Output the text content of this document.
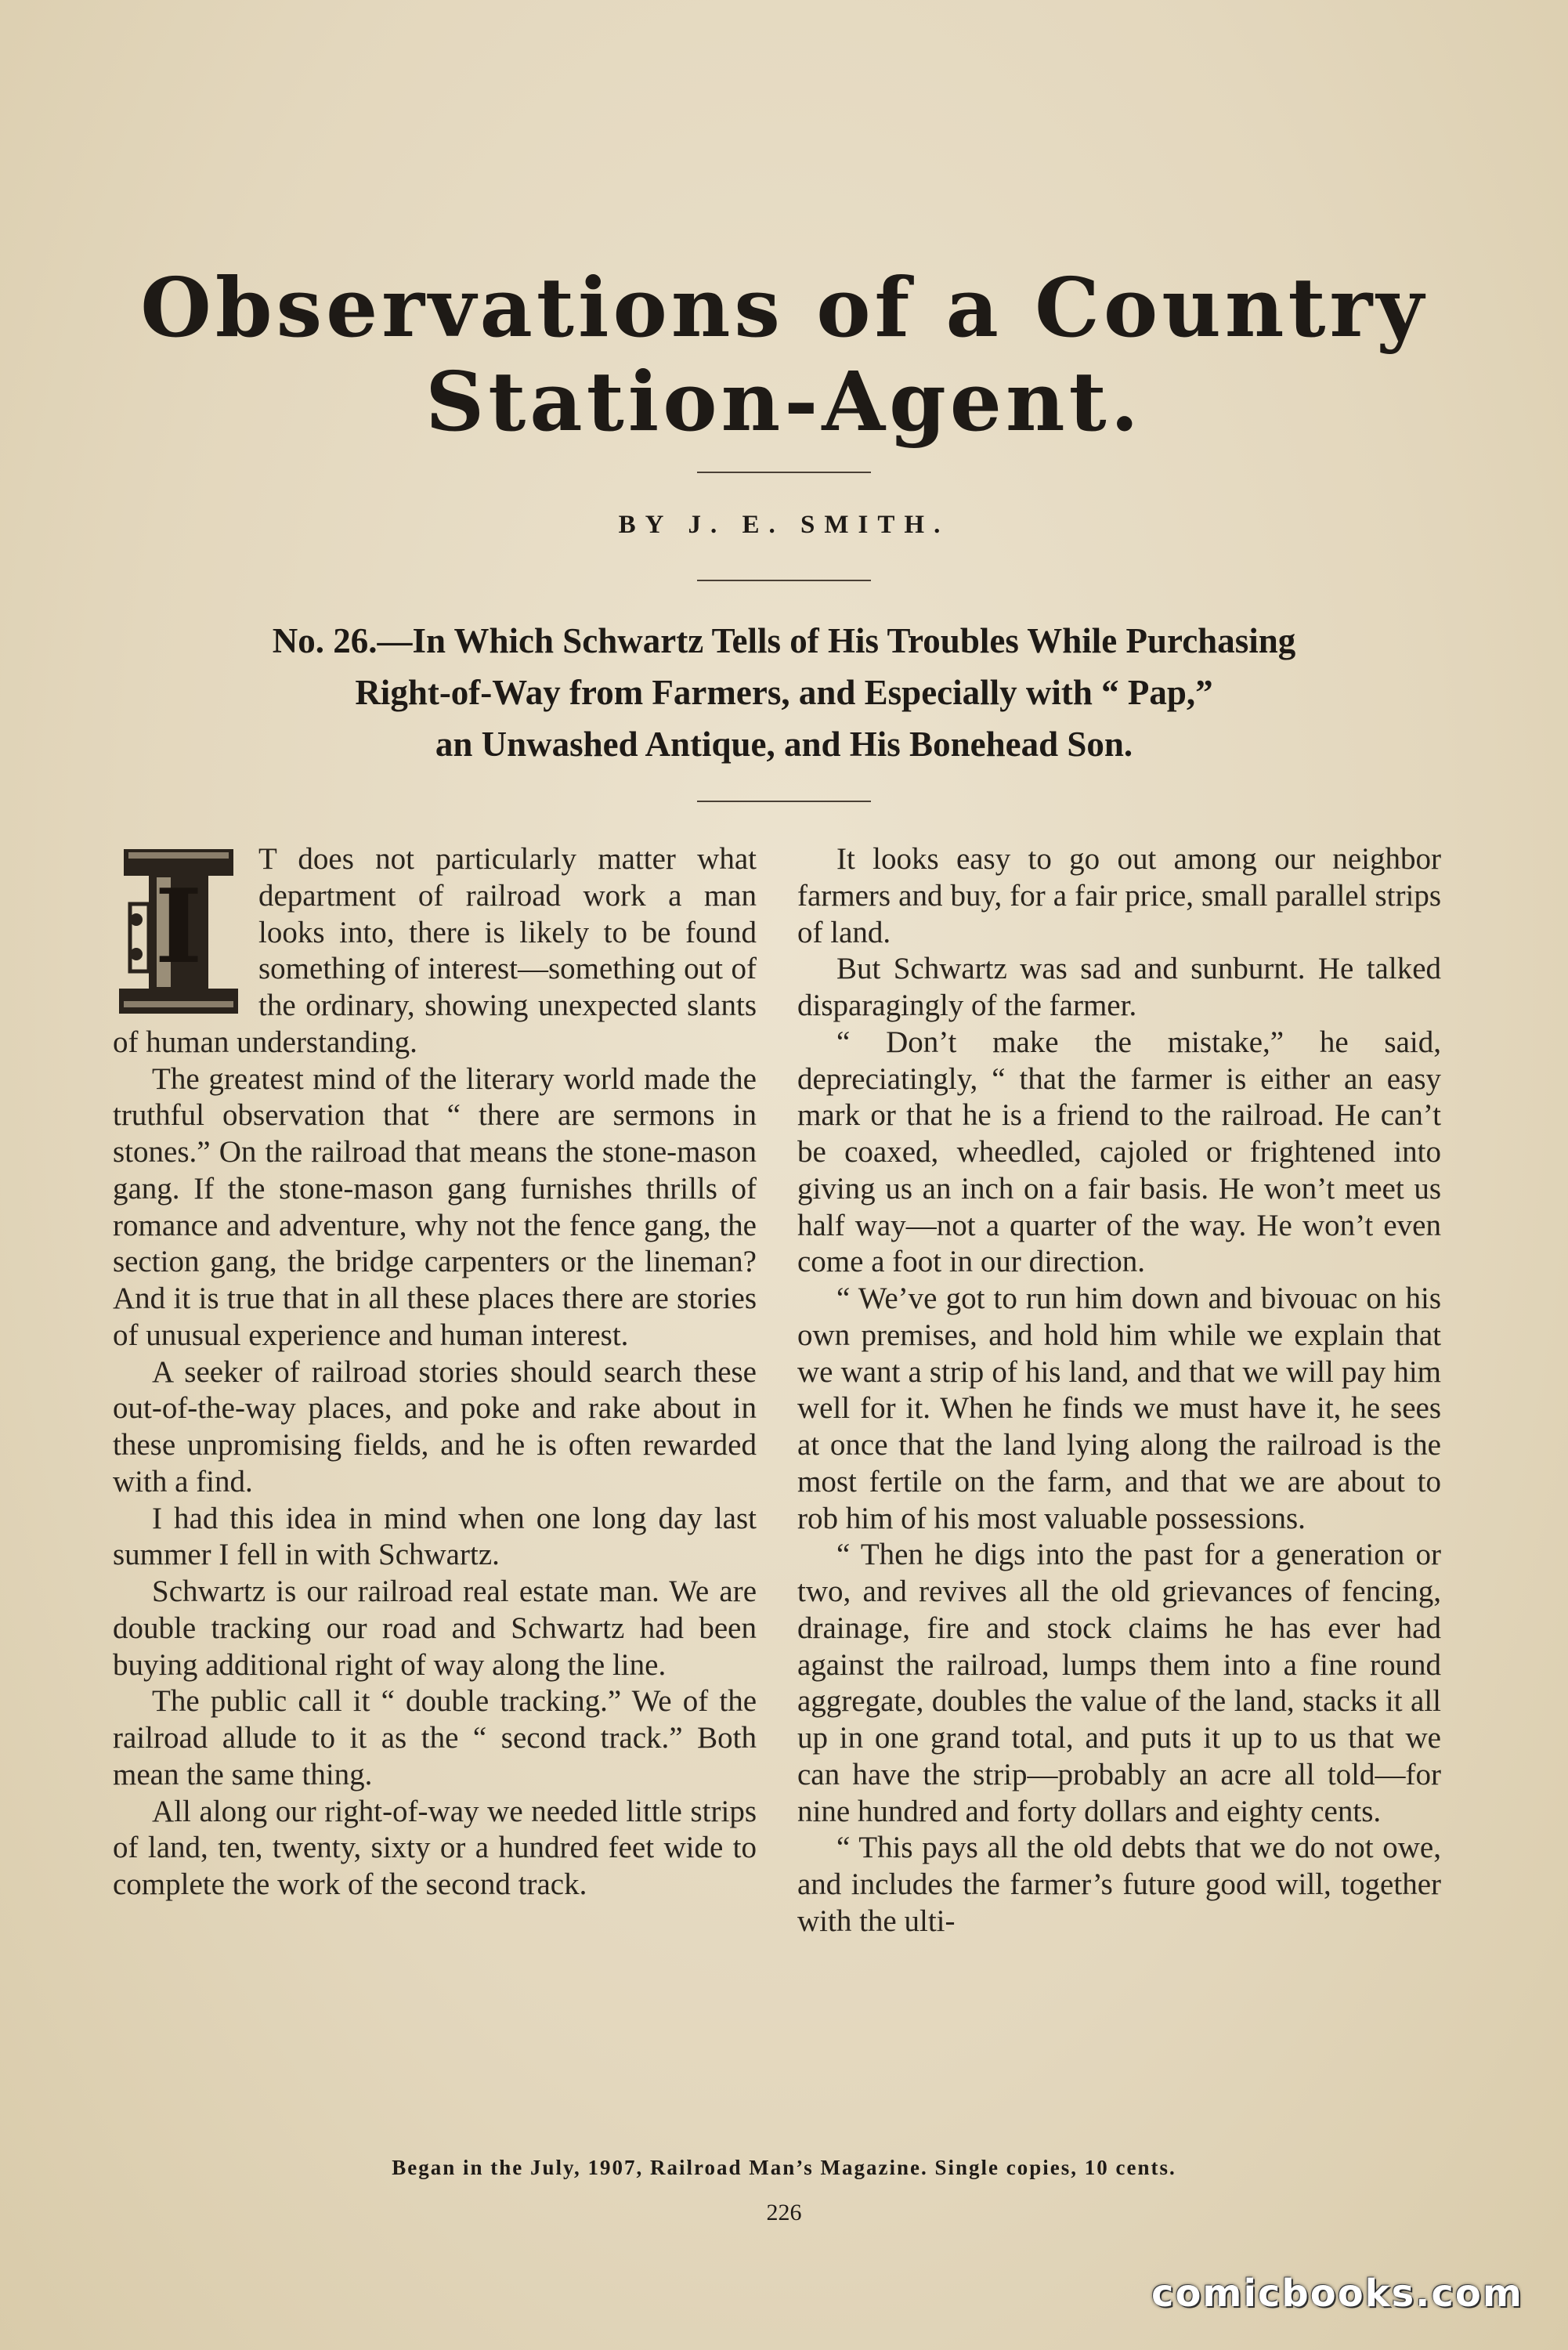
Observations of a Country
Station-Agent.

BY J. E. SMITH.

No. 26.—In Which Schwartz Tells of His Troubles While Purchasing

Right-of-Way from Farmers, and Especially with “ Pap,”

an Unwashed Antique, and His Bonehead Son.

I

T does not particularly matter what department of railroad work a man looks into, there is likely to be found something of interest—something out of the ordinary, showing unexpected slants of human understanding.

The greatest mind of the literary world made the truthful observation that “ there are sermons in stones.” On the railroad that means the stone-mason gang. If the stone-mason gang furnishes thrills of romance and adventure, why not the fence gang, the section gang, the bridge carpenters or the lineman? And it is true that in all these places there are stories of unusual experience and human interest.

A seeker of railroad stories should search these out-of-the-way places, and poke and rake about in these unpromising fields, and he is often rewarded with a find.

I had this idea in mind when one long day last summer I fell in with Schwartz.

Schwartz is our railroad real estate man. We are double tracking our road and Schwartz had been buying additional right of way along the line.

The public call it “ double tracking.” We of the railroad allude to it as the “ second track.” Both mean the same thing.

All along our right-of-way we needed little strips of land, ten, twenty, sixty or a hundred feet wide to complete the work of the second track.

It looks easy to go out among our neighbor farmers and buy, for a fair price, small parallel strips of land.

But Schwartz was sad and sunburnt. He talked disparagingly of the farmer.

“ Don’t make the mistake,” he said, depreciatingly, “ that the farmer is either an easy mark or that he is a friend to the railroad. He can’t be coaxed, wheedled, cajoled or frightened into giving us an inch on a fair basis. He won’t meet us half way—not a quarter of the way. He won’t even come a foot in our direction.

“ We’ve got to run him down and bivouac on his own premises, and hold him while we explain that we want a strip of his land, and that we will pay him well for it. When he finds we must have it, he sees at once that the land lying along the railroad is the most fertile on the farm, and that we are about to rob him of his most valuable possessions.

“ Then he digs into the past for a generation or two, and revives all the old grievances of fencing, drainage, fire and stock claims he has ever had against the railroad, lumps them into a fine round aggregate, doubles the value of the land, stacks it all up in one grand total, and puts it up to us that we can have the strip—probably an acre all told—for nine hundred and forty dollars and eighty cents.

“ This pays all the old debts that we do not owe, and includes the farmer’s future good will, together with the ulti-

Began in the July, 1907, Railroad Man’s Magazine. Single copies, 10 cents.

226

comicbooks.com
